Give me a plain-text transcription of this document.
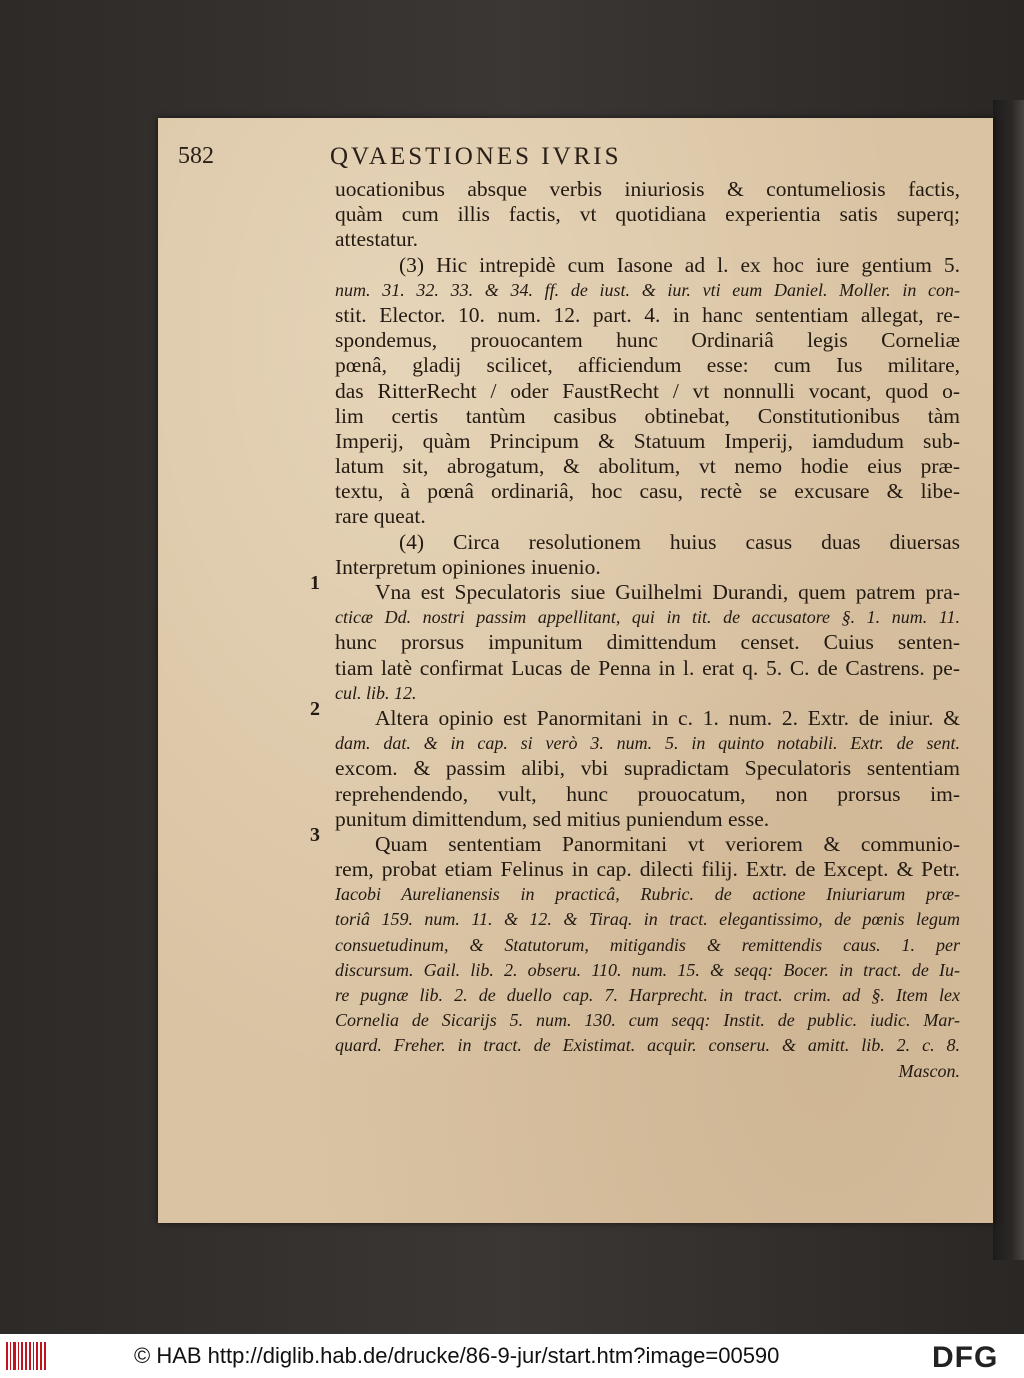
582	QVAESTIONES IVRIS
1
2
3
uocationibus absque verbis iniuriosis & contumeliosis factis,
quàm cum illis factis, vt quotidiana experientia satis superq;
attestatur.
(3) Hic intrepidè cum Iasone ad l. ex hoc iure gentium 5.
num. 31. 32. 33. & 34. ff. de iust. & iur. vti eum Daniel. Moller. in con-
stit. Elector. 10. num. 12. part. 4. in hanc sententiam allegat, re-
spondemus, prouocantem hunc Ordinariâ legis Corneliæ
pœnâ, gladij scilicet, afficiendum esse: cum Ius militare,
das RitterRecht / oder FaustRecht / vt nonnulli vocant, quod o-
lim certis tantùm casibus obtinebat, Constitutionibus tàm
Imperij, quàm Principum & Statuum Imperij, iamdudum sub-
latum sit, abrogatum, & abolitum, vt nemo hodie eius præ-
textu, à pœnâ ordinariâ, hoc casu, rectè se excusare & libe-
rare queat.
(4) Circa resolutionem huius casus duas diuersas
Interpretum opiniones inuenio.
Vna est Speculatoris siue Guilhelmi Durandi, quem patrem pra-
cticæ Dd. nostri passim appellitant, qui in tit. de accusatore §. 1. num. 11.
hunc prorsus impunitum dimittendum censet. Cuius senten-
tiam latè confirmat Lucas de Penna in l. erat q. 5. C. de Castrens. pe-
cul. lib. 12.
Altera opinio est Panormitani in c. 1. num. 2. Extr. de iniur. &
dam. dat. & in cap. si verò 3. num. 5. in quinto notabili. Extr. de sent.
excom. & passim alibi, vbi supradictam Speculatoris sententiam
reprehendendo, vult, hunc prouocatum, non prorsus im-
punitum dimittendum, sed mitius puniendum esse.
Quam sententiam Panormitani vt veriorem & communio-
rem, probat etiam Felinus in cap. dilecti filij. Extr. de Except. & Petr.
Iacobi Aurelianensis in practicâ, Rubric. de actione Iniuriarum præ-
toriâ 159. num. 11. & 12. & Tiraq. in tract. elegantissimo, de pœnis legum
consuetudinum, & Statutorum, mitigandis & remittendis caus. 1. per
discursum. Gail. lib. 2. obseru. 110. num. 15. & seqq: Bocer. in tract. de Iu-
re pugnæ lib. 2. de duello cap. 7. Harprecht. in tract. crim. ad §. Item lex
Cornelia de Sicarijs 5. num. 130. cum seqq: Instit. de public. iudic. Mar-
quard. Freher. in tract. de Existimat. acquir. conseru. & amitt. lib. 2. c. 8.
Mascon.
© HAB http://diglib.hab.de/drucke/86-9-jur/start.htm?image=00590	DFG
